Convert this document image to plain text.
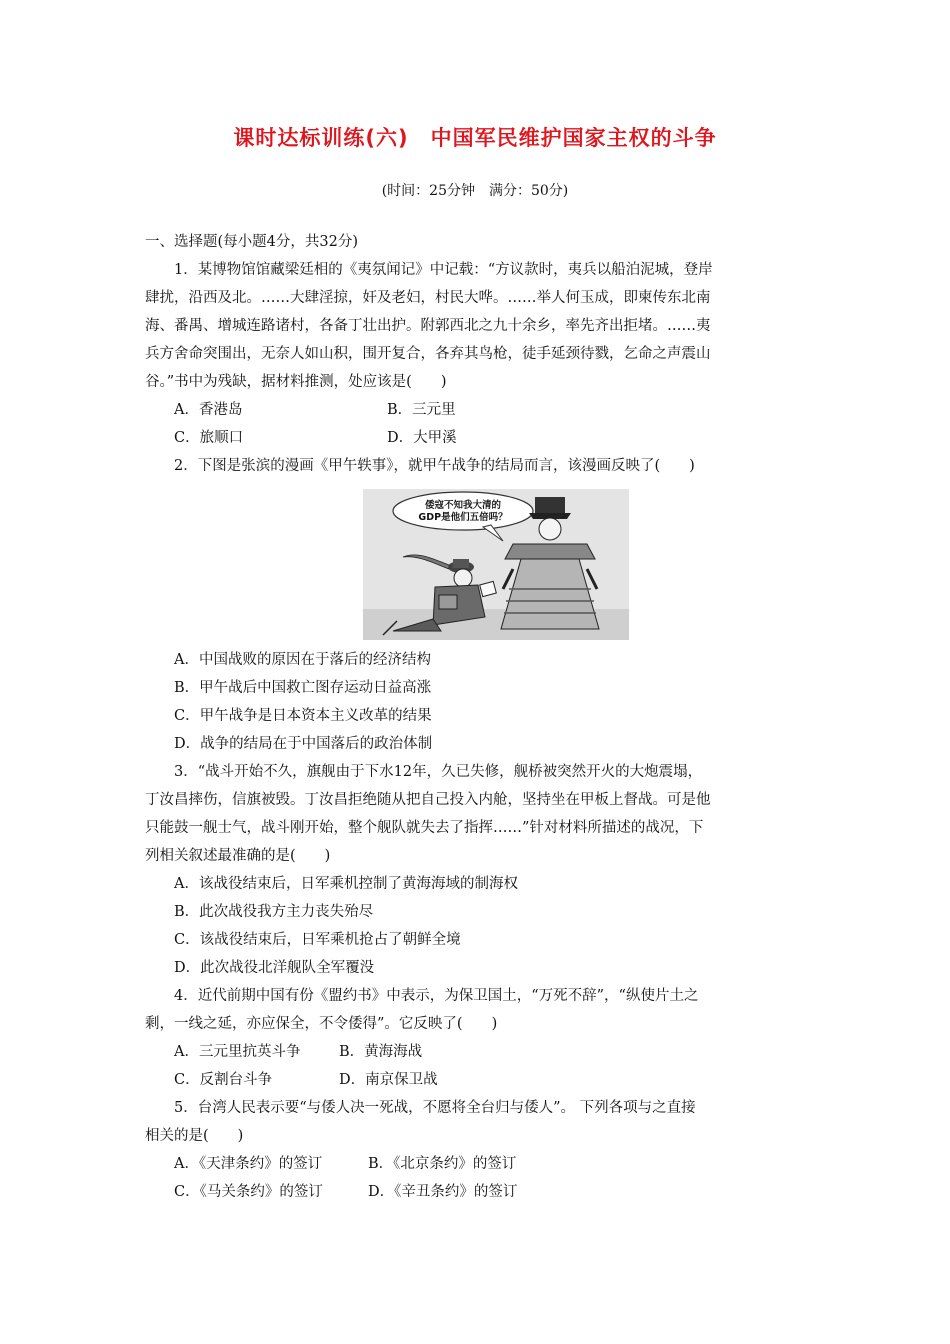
课时达标训练(六)　中国军民维护国家主权的斗争
(时间：25分钟　满分：50分)
一、选择题(每小题4分，共32分)
1．某博物馆馆藏梁廷相的《夷氛闻记》中记载：“方议款时，夷兵以船泊泥城，登岸
肆扰，沿西及北。……大肆淫掠，奸及老妇，村民大哗。……举人何玉成，即柬传东北南
海、番禺、增城连路诸村，各备丁壮出护。附郭西北之九十余乡，率先齐出拒堵。……夷
兵方舍命突围出，无奈人如山积，围开复合，各弃其鸟枪，徒手延颈待戮，乞命之声震山
谷。”书中为残缺，据材料推测，处应该是(　　)
A．香港岛	B．三元里
C．旅顺口	D．大甲溪
2．下图是张滨的漫画《甲午轶事》，就甲午战争的结局而言，该漫画反映了(　　)
倭寇不知我大清的
GDP是他们五倍吗？
A．中国战败的原因在于落后的经济结构
B．甲午战后中国救亡图存运动日益高涨
C．甲午战争是日本资本主义改革的结果
D．战争的结局在于中国落后的政治体制
3．“战斗开始不久，旗舰由于下水12年，久已失修，舰桥被突然开火的大炮震塌，
丁汝昌摔伤，信旗被毁。丁汝昌拒绝随从把自己投入内舱，坚持坐在甲板上督战。可是他
只能鼓一舰士气，战斗刚开始，整个舰队就失去了指挥……”针对材料所描述的战况，下
列相关叙述最准确的是(　　)
A．该战役结束后，日军乘机控制了黄海海域的制海权
B．此次战役我方主力丧失殆尽
C．该战役结束后，日军乘机抢占了朝鲜全境
D．此次战役北洋舰队全军覆没
4．近代前期中国有份《盟约书》中表示，为保卫国土，“万死不辞”，“纵使片土之
剩，一线之延，亦应保全，不令倭得”。它反映了(　　)
A．三元里抗英斗争	B．黄海海战
C．反割台斗争	D．南京保卫战
5．台湾人民表示要“与倭人决一死战，不愿将全台归与倭人”。 下列各项与之直接
相关的是(　　)
A．《天津条约》的签订	B．《北京条约》的签订
C．《马关条约》的签订	D．《辛丑条约》的签订
